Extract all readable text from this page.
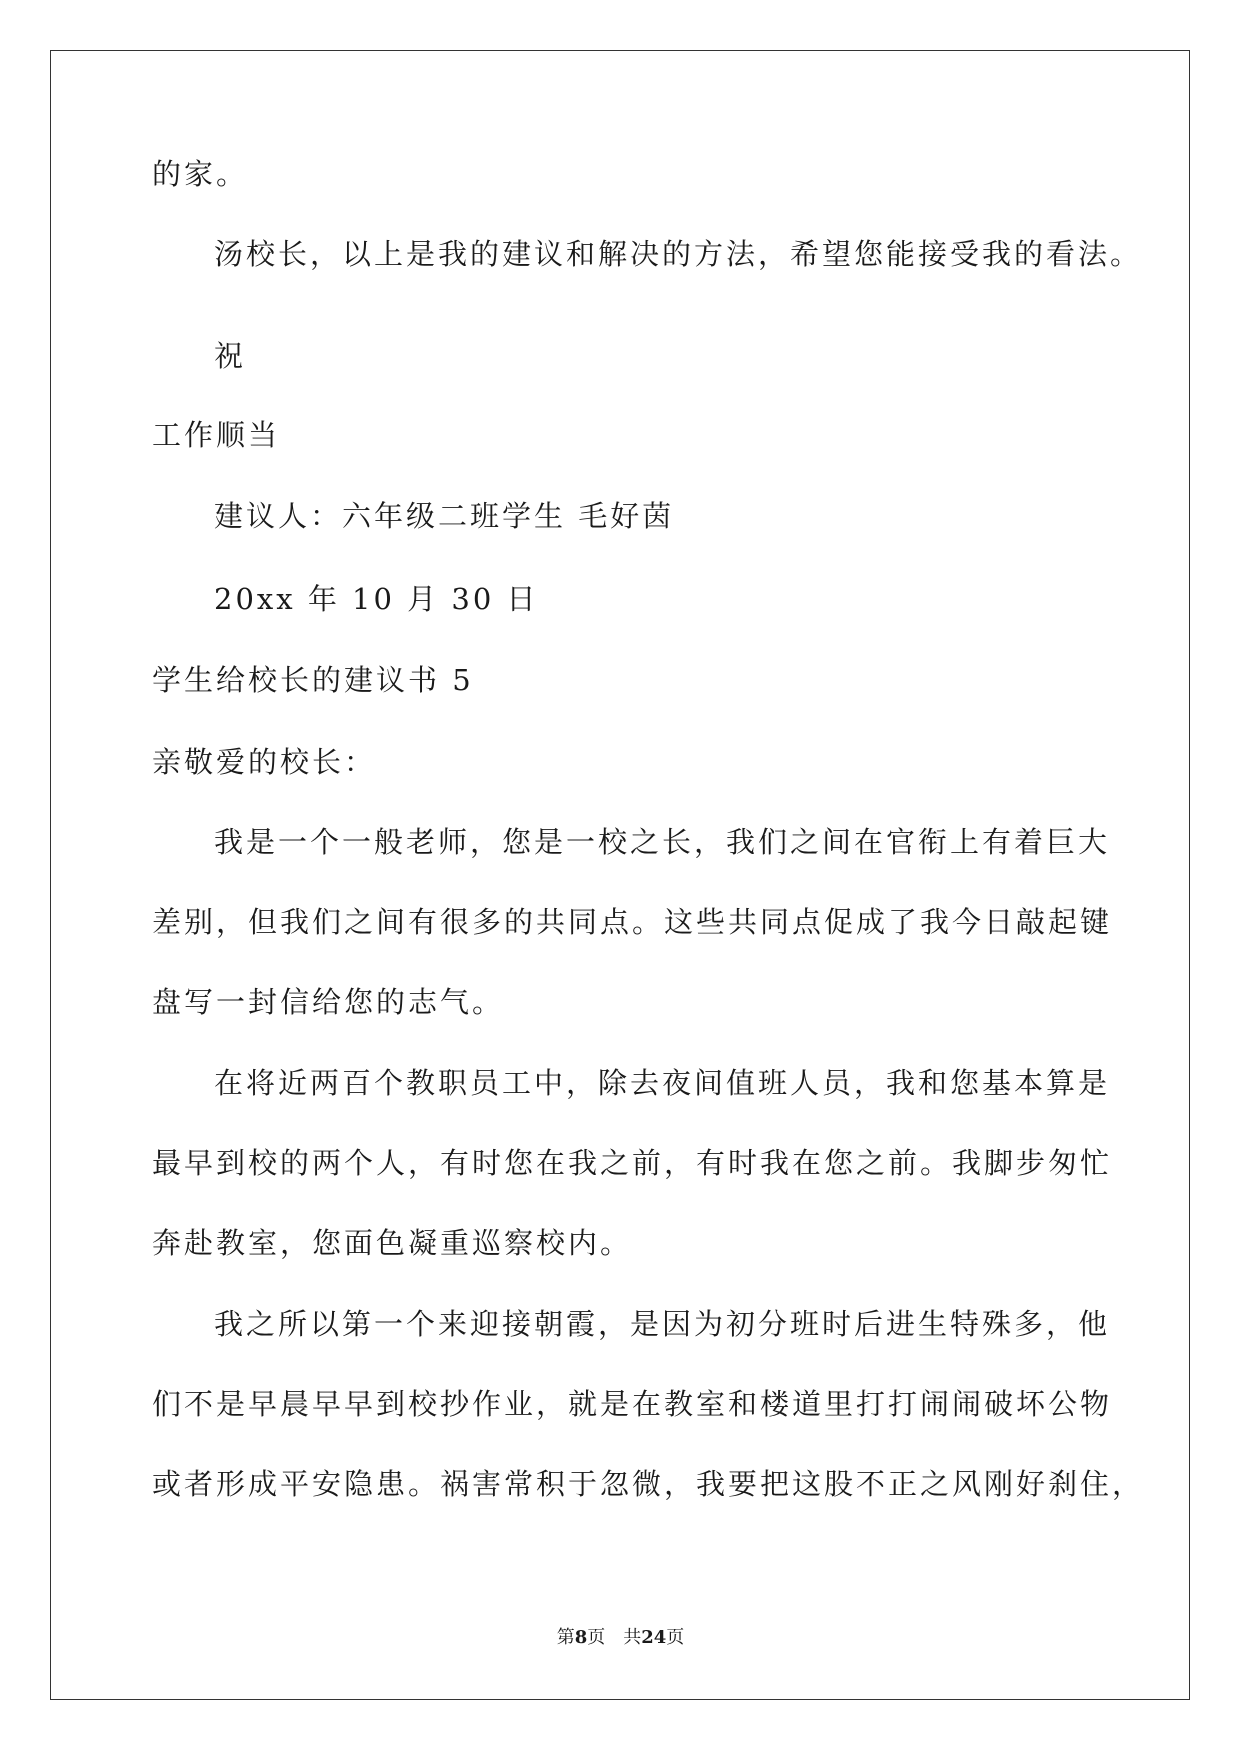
的家。

汤校长，以上是我的建议和解决的方法，希望您能接受我的看法。

祝

工作顺当

建议人：六年级二班学生 毛好茵

20xx 年 10 月 30 日

学生给校长的建议书 5

亲敬爱的校长：

我是一个一般老师，您是一校之长，我们之间在官衔上有着巨大

差别，但我们之间有很多的共同点。这些共同点促成了我今日敲起键

盘写一封信给您的志气。

在将近两百个教职员工中，除去夜间值班人员，我和您基本算是

最早到校的两个人，有时您在我之前，有时我在您之前。我脚步匆忙

奔赴教室，您面色凝重巡察校内。

我之所以第一个来迎接朝霞，是因为初分班时后进生特殊多，他

们不是早晨早早到校抄作业，就是在教室和楼道里打打闹闹破坏公物

或者形成平安隐患。祸害常积于忽微，我要把这股不正之风刚好刹住，

第8页 共24页
